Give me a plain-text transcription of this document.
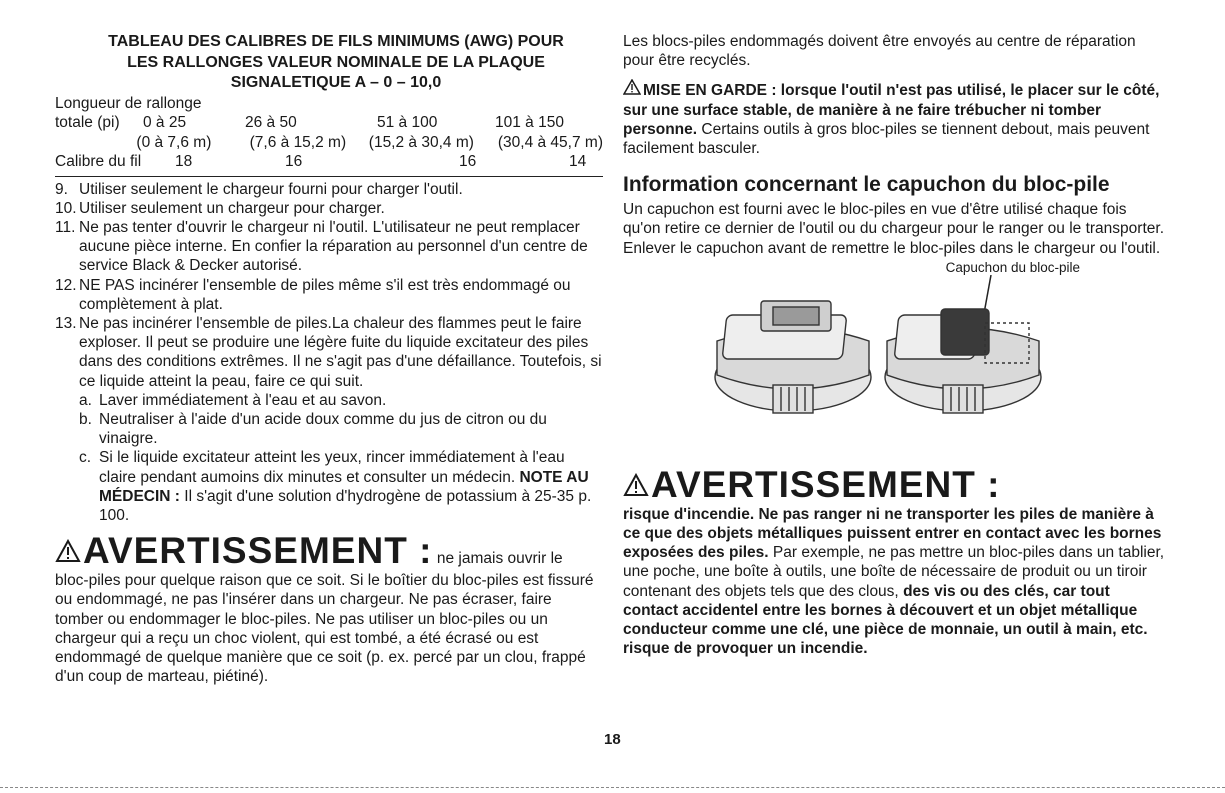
TABLEAU DES CALIBRES DE FILS MINIMUMS (AWG) POUR

LES RALLONGES VALEUR NOMINALE DE LA PLAQUE

SIGNALETIQUE A – 0 – 10,0

Longueur de rallonge
totale (pi)	0 à 25	26 à 50	51 à 100	101 à 150
(0 à 7,6 m)	(7,6 à 15,2 m)	(15,2 à 30,4 m)	(30,4 à 45,7 m)
Calibre du fil	18	16	16	14
9. Utiliser seulement le chargeur fourni pour charger l'outil.
10. Utiliser seulement un chargeur pour charger.
11. Ne pas tenter d'ouvrir le chargeur ni l'outil. L'utilisateur ne peut remplacer aucune pièce interne. En confier la réparation au personnel d'un centre de service Black & Decker autorisé.
12. NE PAS incinérer l'ensemble de piles même s'il est très endommagé ou complètement à plat.
13. Ne pas incinérer l'ensemble de piles.La chaleur des flammes peut le faire exploser. Il peut se produire une légère fuite du liquide excitateur des piles dans des conditions extrêmes. Il ne s'agit pas d'une défaillance. Toutefois, si ce liquide atteint la peau, faire ce qui suit.
a. Laver immédiatement à l'eau et au savon.
b. Neutraliser à l'aide d'un acide doux comme du jus de citron ou du vinaigre.
c. Si le liquide excitateur atteint les yeux, rincer immédiatement à l'eau claire pendant aumoins dix minutes et consulter un médecin. NOTE AU MÉDECIN : Il s'agit d'une solution d'hydrogène de potassium à 25-35 p. 100.
AVERTISSEMENT : ne jamais ouvrir le

bloc-piles pour quelque raison que ce soit. Si le boîtier du bloc-piles est fissuré ou endommagé, ne pas l'insérer dans un chargeur. Ne pas écraser, faire tomber ou endommager le bloc-piles. Ne pas utiliser un bloc-piles ou un chargeur qui a reçu un choc violent, qui est tombé, a été écrasé ou est endommagé de quelque manière que ce soit (p. ex. percé par un clou, frappé d'un coup de marteau, piétiné).

Les blocs-piles endommagés doivent être envoyés au centre de réparation pour être recyclés.

MISE EN GARDE : lorsque l'outil n'est pas utilisé, le placer sur le côté, sur une surface stable, de manière à ne faire trébucher ni tomber personne. Certains outils à gros bloc-piles se tiennent debout, mais peuvent facilement basculer.

Information concernant le capuchon du bloc-pile

Un capuchon est fourni avec le bloc-piles en vue d'être utilisé chaque fois qu'on retire ce dernier de l'outil ou du chargeur pour le ranger ou le transporter. Enlever le capuchon avant de remettre le bloc-piles dans le chargeur ou l'outil.

Capuchon du bloc-pile
AVERTISSEMENT :

risque d'incendie. Ne pas ranger ni ne transporter les piles de manière à ce que des objets métalliques puissent entrer en contact avec les bornes exposées des piles. Par exemple, ne pas mettre un bloc-piles dans un tablier, une poche, une boîte à outils, une boîte de nécessaire de produit ou un tiroir contenant des objets tels que des clous, des vis ou des clés, car tout contact accidentel entre les bornes à découvert et un objet métallique conducteur comme une clé, une pièce de monnaie, un outil à main, etc. risque de provoquer un incendie.

18
